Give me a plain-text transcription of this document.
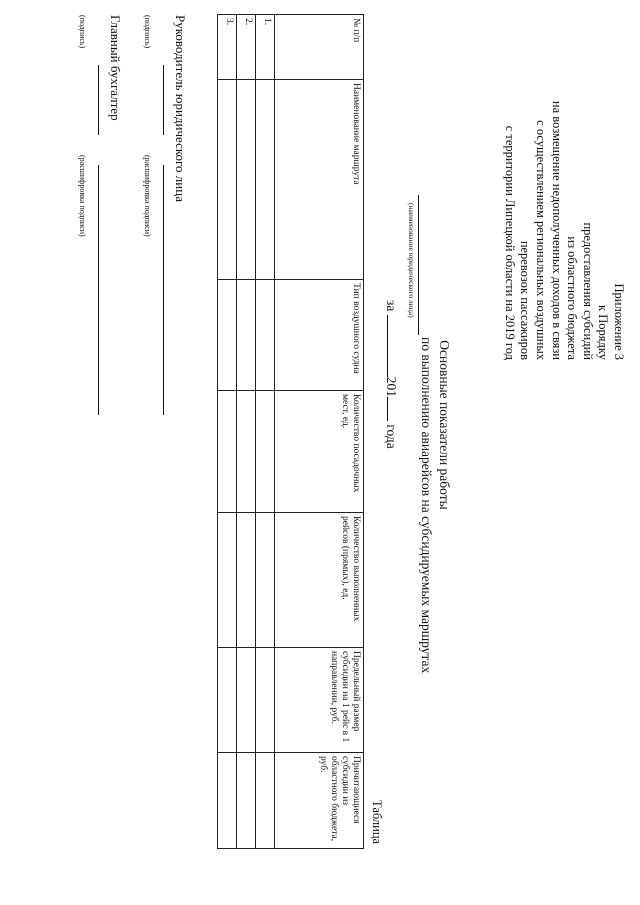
Приложение 3
к Порядку
предоставления субсидий
из областного бюджета
на возмещение недополученных доходов в связи
с осуществлением региональных воздушных
перевозок пассажиров
с территории Липецкой области на 2019 год
Основные показатели работы
(наименование юридического лица)
по выполнению авиарейсов на субсидируемых маршрутах
за 201 года
Таблица
№ п/п	Наименование маршрута	Тип воздушного судна	Количество посадочных мест, ед.	Количество выполненных рейсов (прямых), ед.	Предельный размер субсидии на 1 рейс в 1 направлении, руб.	Причитающиеся субсидии из областного бюджета, руб.
1.						
2.						
3.						
Руководитель юридического лица
(подпись)
(расшифровка подписи)
Главный бухгалтер
(подпись)
(расшифровка подписи)
